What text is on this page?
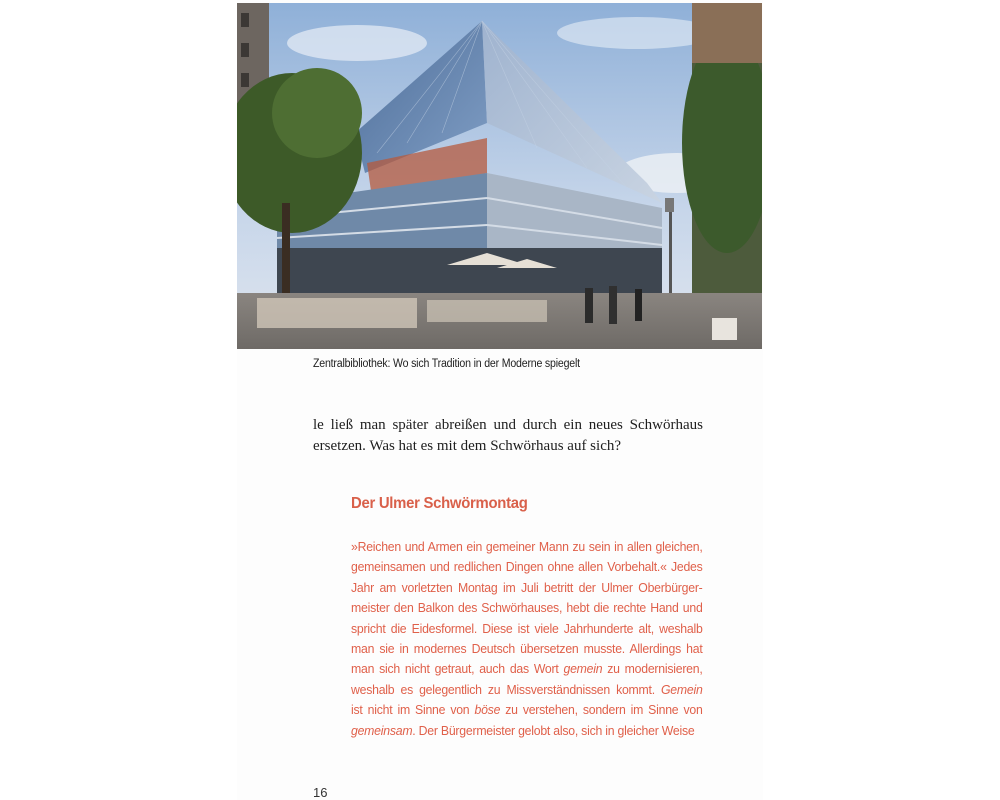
Zentralbibliothek: Wo sich Tradition in der Moderne spiegelt
le ließ man später abreißen und durch ein neues Schwörhaus ersetzen. Was hat es mit dem Schwörhaus auf sich?
Der Ulmer Schwörmontag
»Reichen und Armen ein gemeiner Mann zu sein in allen gleichen,
gemeinsamen und redlichen Dingen ohne allen Vorbehalt.« Jedes
Jahr am vorletzten Montag im Juli betritt der Ulmer Oberbürger-
meister den Balkon des Schwörhauses, hebt die rechte Hand und
spricht die Eidesformel. Diese ist viele Jahrhunderte alt, weshalb
man sie in modernes Deutsch übersetzen musste. Allerdings hat
man sich nicht getraut, auch das Wort gemein zu modernisieren,
weshalb es gelegentlich zu Missverständnissen kommt. Gemein
ist nicht im Sinne von böse zu verstehen, sondern im Sinne von
gemeinsam. Der Bürgermeister gelobt also, sich in gleicher Weise
16
